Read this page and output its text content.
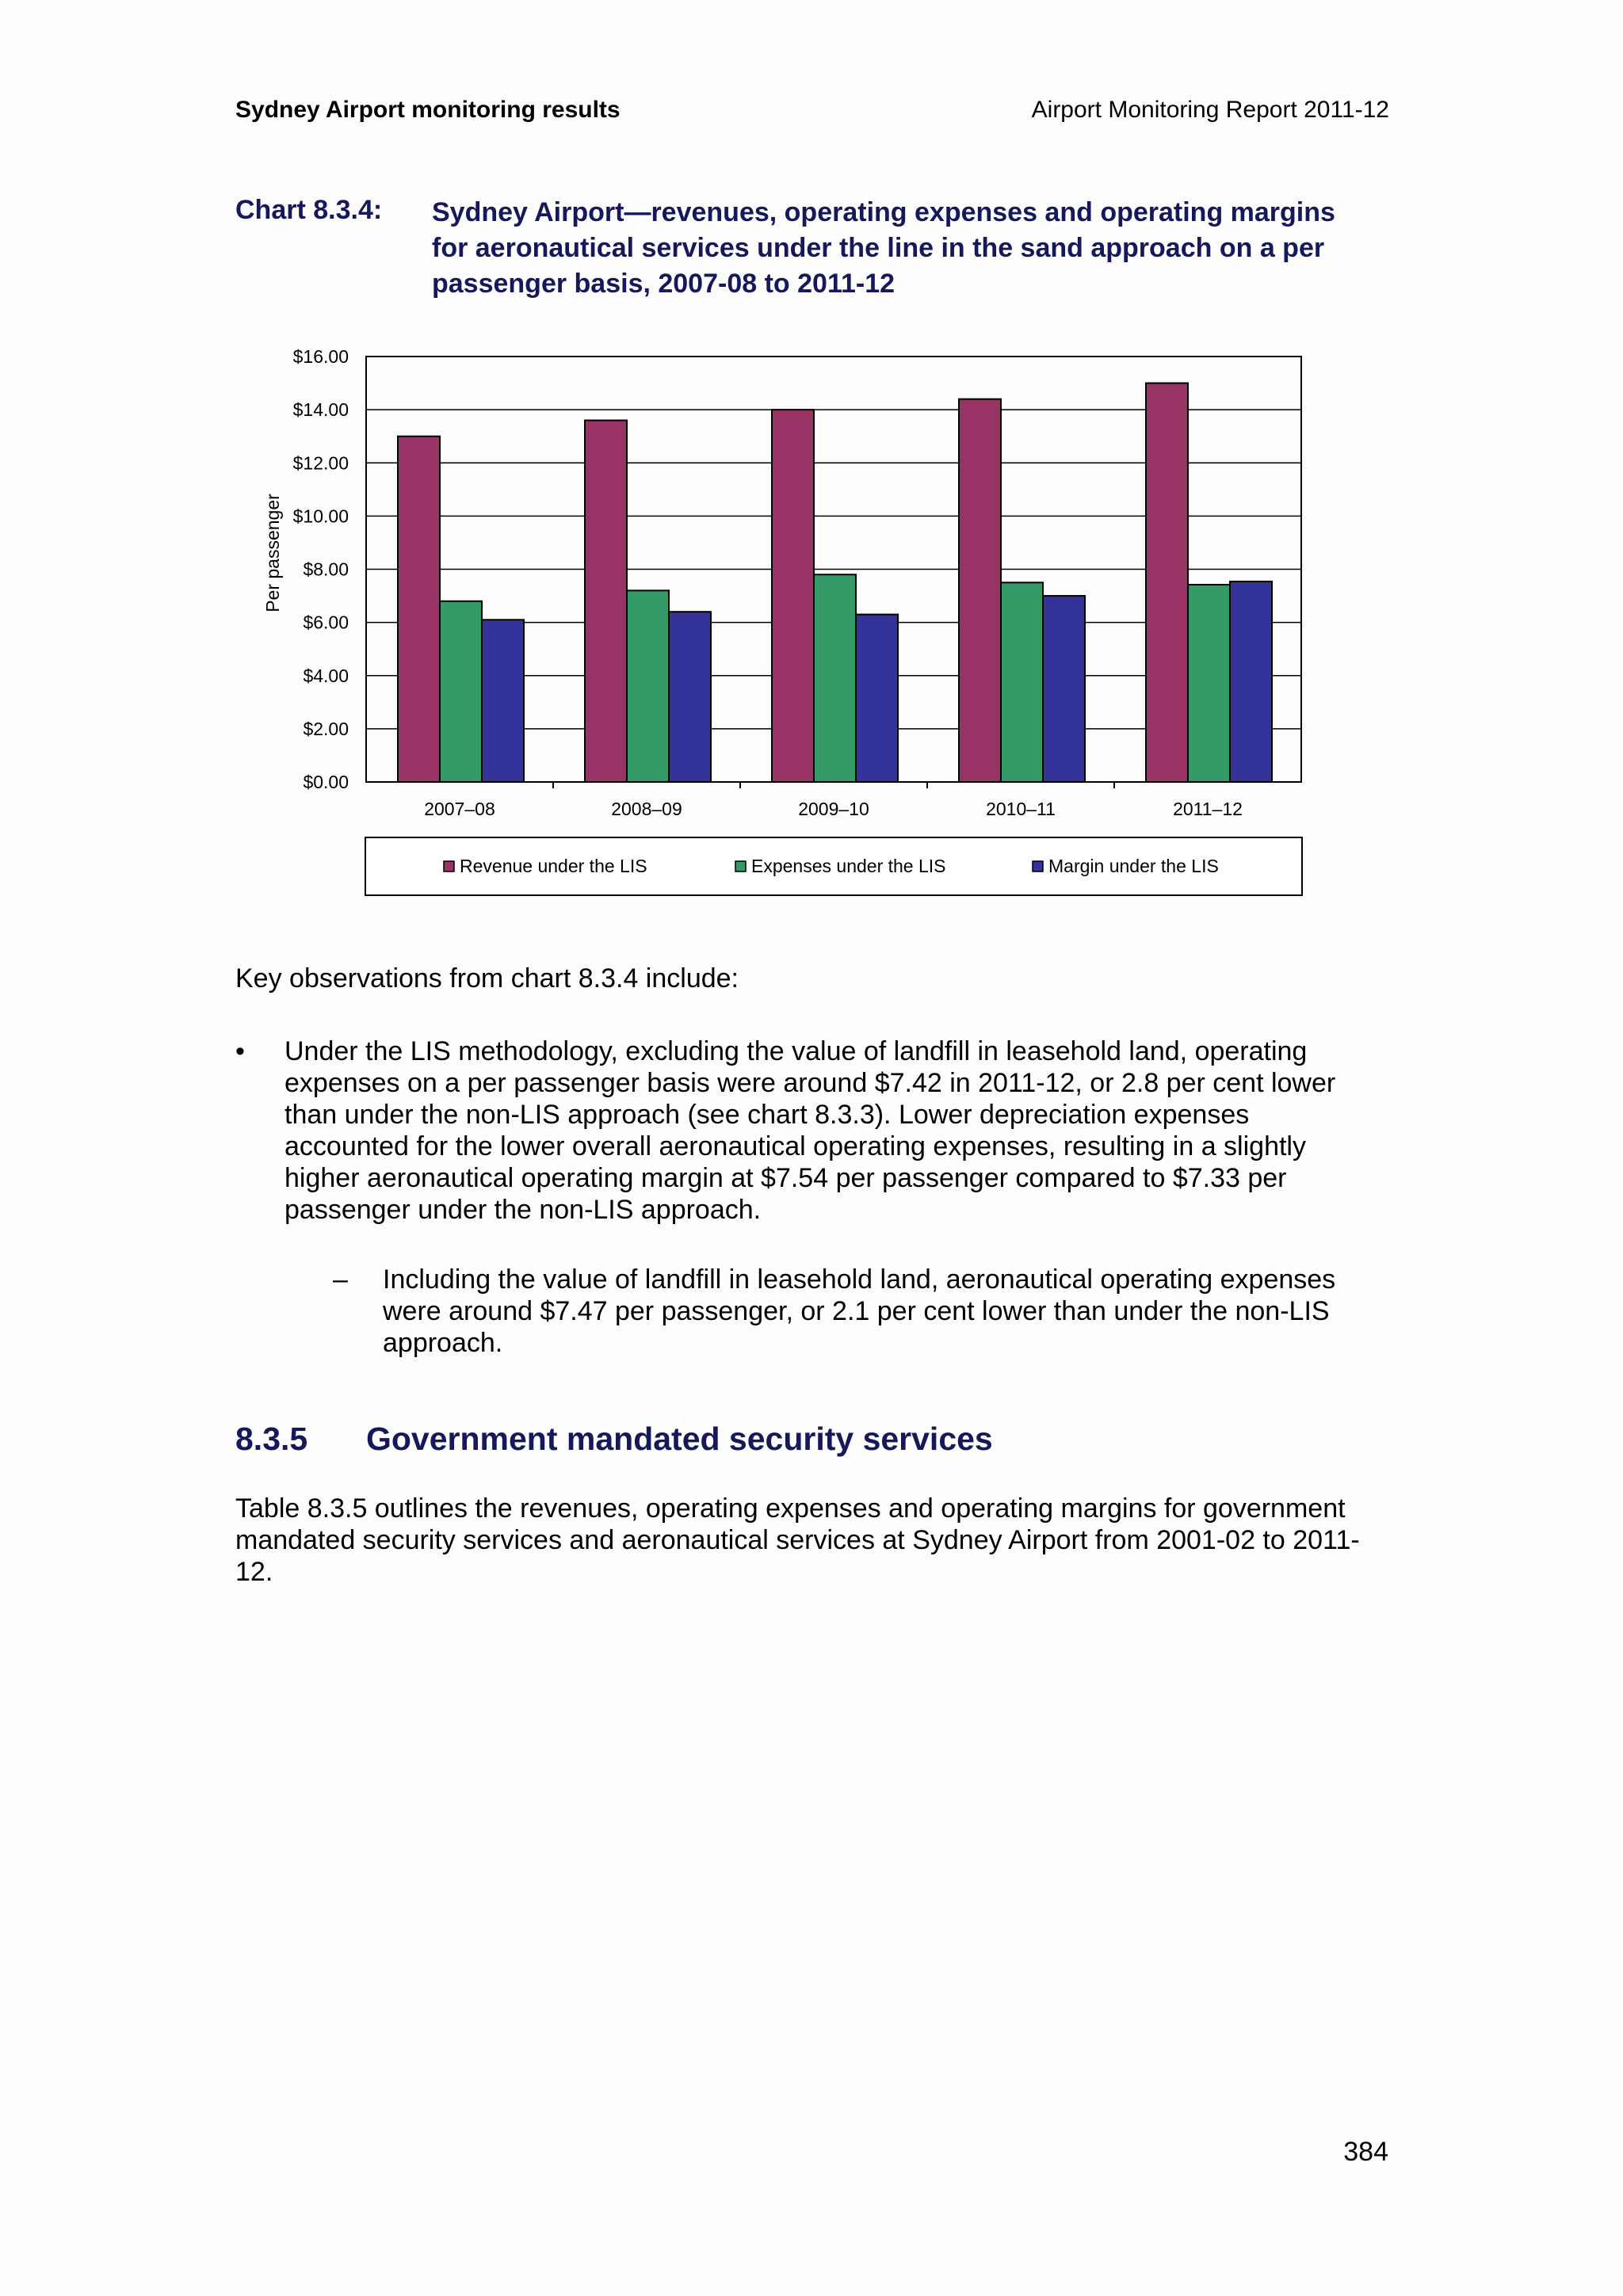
Sydney Airport monitoring results	Airport Monitoring Report 2011-12
Chart 8.3.4: Sydney Airport—revenues, operating expenses and operating margins for aeronautical services under the line in the sand approach on a per passenger basis, 2007-08 to 2011-12
$0.00
$2.00
$4.00
$6.00
$8.00
$10.00
$12.00
$14.00
$16.00
2007–08	2008–09	2009–10	2010–11	2011–12
Per passenger
Revenue under the LIS	Expenses under the LIS	Margin under the LIS
Key observations from chart 8.3.4 include:
• Under the LIS methodology, excluding the value of landfill in leasehold land, operating expenses on a per passenger basis were around $7.42 in 2011-12, or 2.8 per cent lower than under the non-LIS approach (see chart 8.3.3). Lower depreciation expenses accounted for the lower overall aeronautical operating expenses, resulting in a slightly higher aeronautical operating margin at $7.54 per passenger compared to $7.33 per passenger under the non-LIS approach.
– Including the value of landfill in leasehold land, aeronautical operating expenses were around $7.47 per passenger, or 2.1 per cent lower than under the non-LIS approach.
8.3.5 Government mandated security services
Table 8.3.5 outlines the revenues, operating expenses and operating margins for government mandated security services and aeronautical services at Sydney Airport from 2001-02 to 2011-12.
384
